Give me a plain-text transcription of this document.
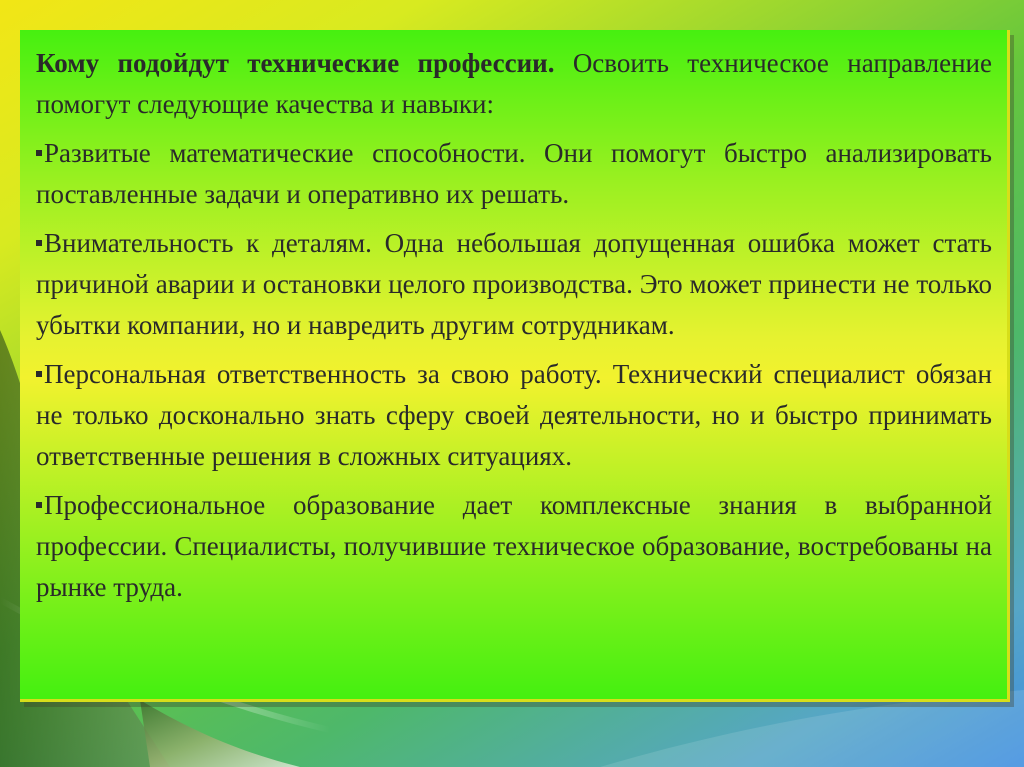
Кому подойдут технические профессии. Освоить техническое направление помогут следующие качества и навыки:

Развитые математические способности. Они помогут быстро анализировать поставленные задачи и оперативно их решать.

Внимательность к деталям. Одна небольшая допущенная ошибка может стать причиной аварии и остановки целого производства. Это может принести не только убытки компании, но и навредить другим сотрудникам.

Персональная ответственность за свою работу. Технический специалист обязан не только досконально знать сферу своей деятельности, но и быстро принимать ответственные решения в сложных ситуациях.

Профессиональное образование дает комплексные знания в выбранной профессии. Специалисты, получившие техническое образование, востребованы на рынке труда.
